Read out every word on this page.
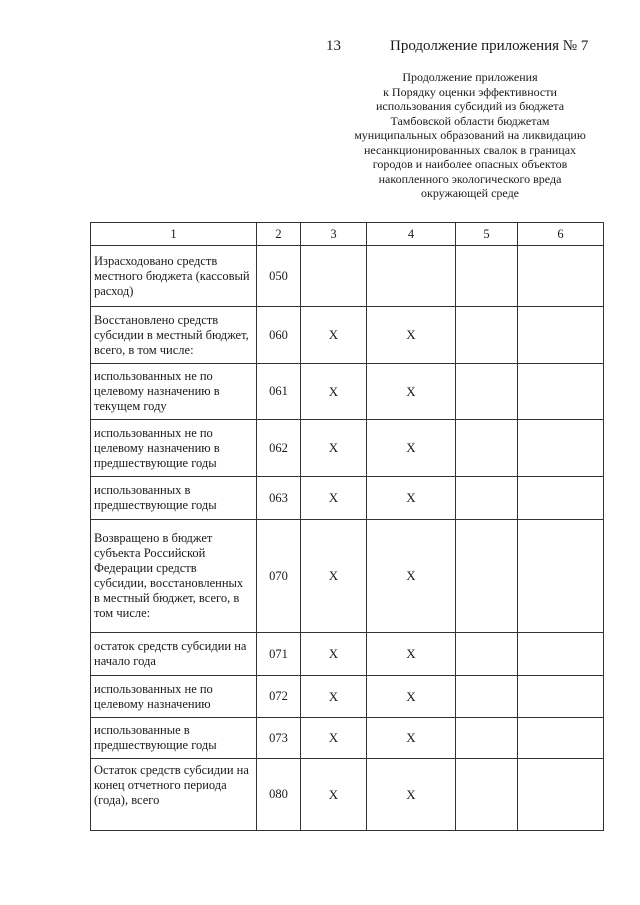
13	Продолжение приложения № 7
Продолжение приложения
к Порядку оценки эффективности
использования субсидий из бюджета
Тамбовской области бюджетам
муниципальных образований на ликвидацию
несанкционированных свалок в границах
городов и наиболее опасных объектов
накопленного экологического вреда
окружающей среде
1	2	3	4	5	6
Израсходовано средств местного бюджета (кассовый расход)	050				
Восстановлено средств субсидии в местный бюджет, всего, в том числе:	060	X	X		
использованных не по целевому назначению в текущем году	061	X	X		
использованных не по целевому назначению в предшествующие годы	062	X	X		
использованных в предшествующие годы	063	X	X		
Возвращено в бюджет субъекта Российской Федерации средств субсидии, восстановленных в местный бюджет, всего, в том числе:	070	X	X		
остаток средств субсидии на начало года	071	X	X		
использованных не по целевому назначению	072	X	X		
использованные в предшествующие годы	073	X	X		
Остаток средств субсидии на конец отчетного периода (года), всего	080	X	X		
